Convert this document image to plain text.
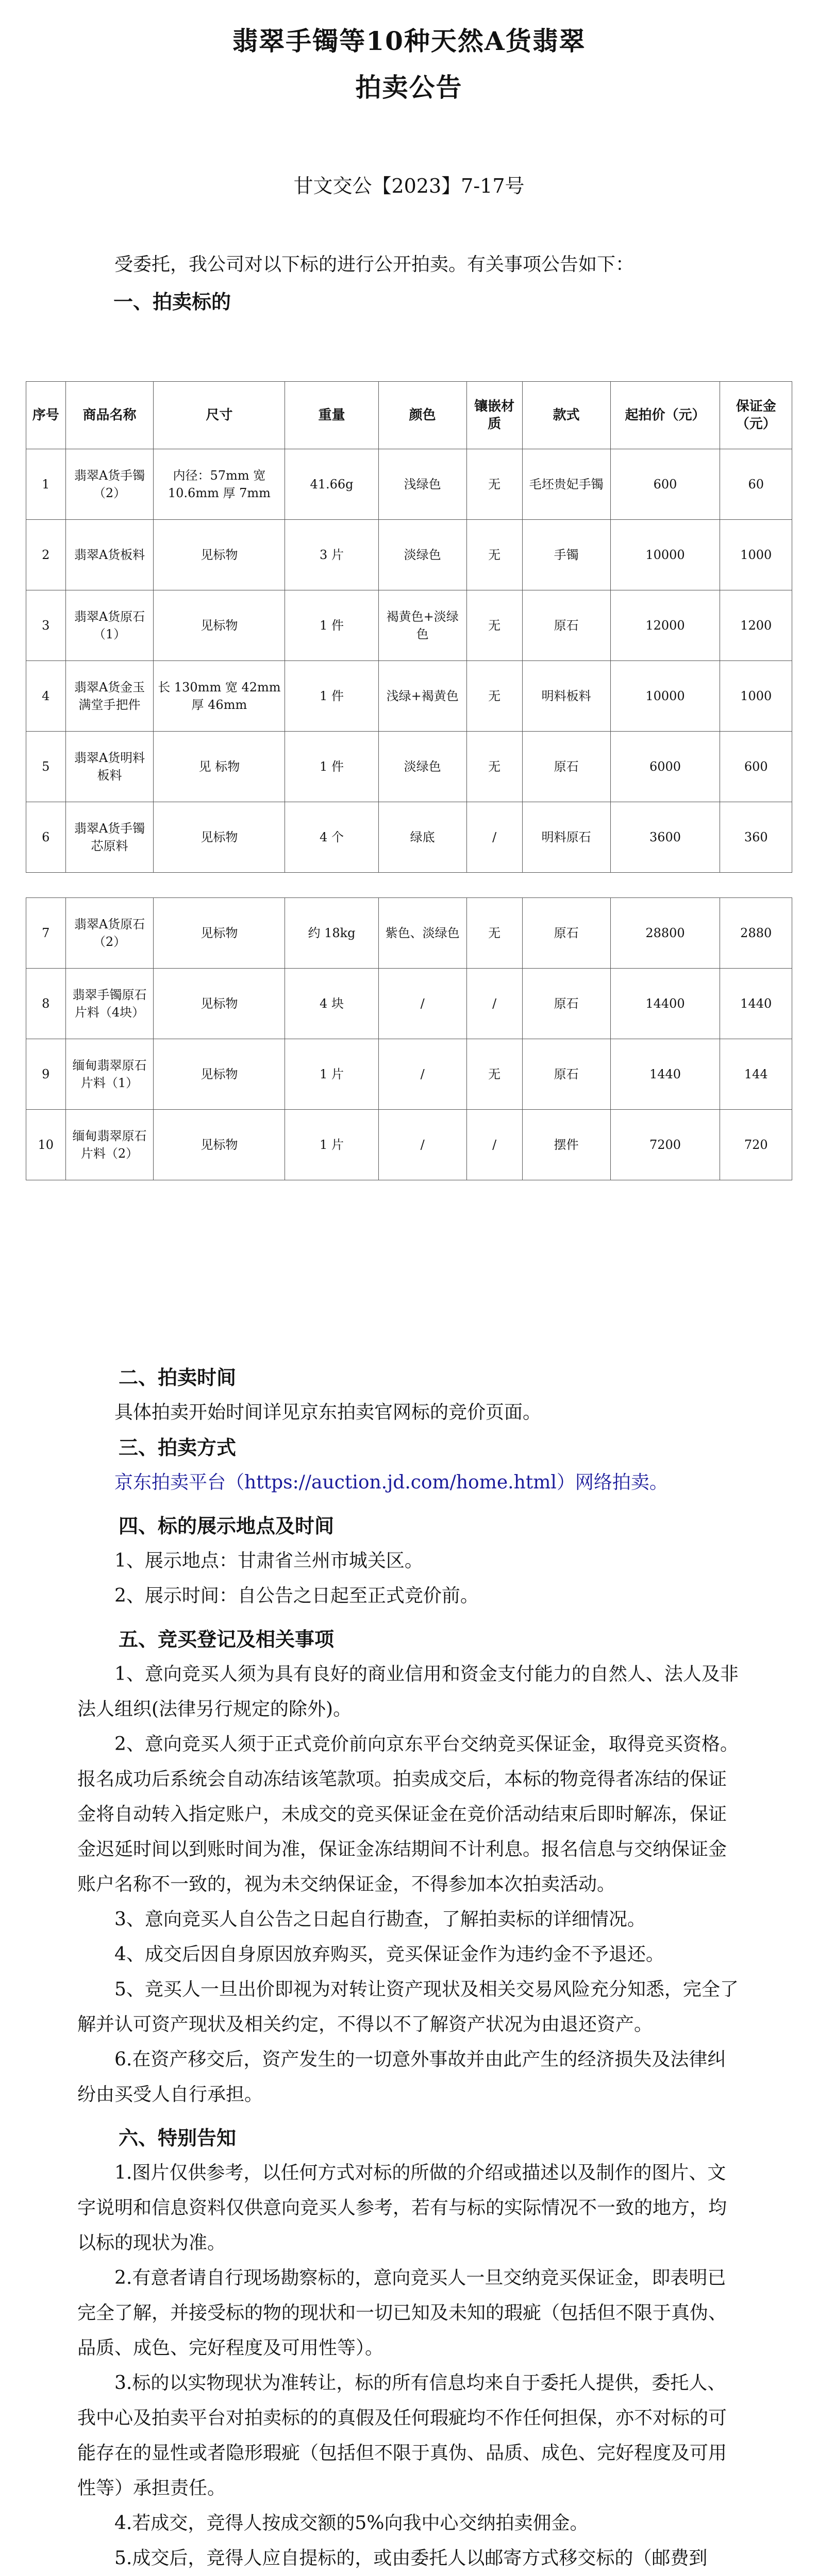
翡翠手镯等10种天然A货翡翠
拍卖公告
甘文交公【2023】7-17号

受委托，我公司对以下标的进行公开拍卖。有关事项公告如下：

一、拍卖标的

序号	商品名称	尺寸	重量	颜色	镶嵌材质	款式	起拍价（元）	保证金（元）
1	翡翠A货手镯（2）	内径：57mm 宽 10.6mm 厚 7mm	41.66g	浅绿色	无	毛坯贵妃手镯	600	60
2	翡翠A货板料	见标物	3 片	淡绿色	无	手镯	10000	1000
3	翡翠A货原石（1）	见标物	1 件	褐黄色+淡绿色	无	原石	12000	1200
4	翡翠A货金玉满堂手把件	长 130mm 宽 42mm 厚 46mm	1 件	浅绿+褐黄色	无	明料板料	10000	1000
5	翡翠A货明料板料	见 标物	1 件	淡绿色	无	原石	6000	600
6	翡翠A货手镯芯原料	见标物	4 个	绿底	/	明料原石	3600	360

7	翡翠A货原石（2）	见标物	约 18kg	紫色、淡绿色	无	原石	28800	2880
8	翡翠手镯原石片料（4块）	见标物	4 块	/	/	原石	14400	1440
9	缅甸翡翠原石片料（1）	见标物	1 片	/	无	原石	1440	144
10	缅甸翡翠原石片料（2）	见标物	1 片	/	/	摆件	7200	720

二、拍卖时间

具体拍卖开始时间详见京东拍卖官网标的竞价页面。

三、拍卖方式

京东拍卖平台（https://auction.jd.com/home.html）网络拍卖。

四、标的展示地点及时间

1、展示地点：甘肃省兰州市城关区。

2、展示时间：自公告之日起至正式竞价前。

五、竞买登记及相关事项

1、意向竞买人须为具有良好的商业信用和资金支付能力的自然人、法人及非法人组织(法律另行规定的除外)。

2、意向竞买人须于正式竞价前向京东平台交纳竞买保证金，取得竞买资格。报名成功后系统会自动冻结该笔款项。拍卖成交后，本标的物竞得者冻结的保证金将自动转入指定账户，未成交的竞买保证金在竞价活动结束后即时解冻，保证金迟延时间以到账时间为准，保证金冻结期间不计利息。报名信息与交纳保证金账户名称不一致的，视为未交纳保证金，不得参加本次拍卖活动。

3、意向竞买人自公告之日起自行勘查，了解拍卖标的详细情况。

4、成交后因自身原因放弃购买，竞买保证金作为违约金不予退还。

5、竞买人一旦出价即视为对转让资产现状及相关交易风险充分知悉，完全了解并认可资产现状及相关约定，不得以不了解资产状况为由退还资产。

6.在资产移交后，资产发生的一切意外事故并由此产生的经济损失及法律纠纷由买受人自行承担。

六、特别告知

1.图片仅供参考，以任何方式对标的所做的介绍或描述以及制作的图片、文字说明和信息资料仅供意向竞买人参考，若有与标的实际情况不一致的地方，均以标的现状为准。

2.有意者请自行现场勘察标的，意向竞买人一旦交纳竞买保证金，即表明已完全了解，并接受标的物的现状和一切已知及未知的瑕疵（包括但不限于真伪、品质、成色、完好程度及可用性等）。

3.标的以实物现状为准转让，标的所有信息均来自于委托人提供，委托人、我中心及拍卖平台对拍卖标的的真假及任何瑕疵均不作任何担保，亦不对标的可能存在的显性或者隐形瑕疵（包括但不限于真伪、品质、成色、完好程度及可用性等）承担责任。

4.若成交，竞得人按成交额的5%向我中心交纳拍卖佣金。

5.成交后，竞得人应自提标的，或由委托人以邮寄方式移交标的（邮费到
